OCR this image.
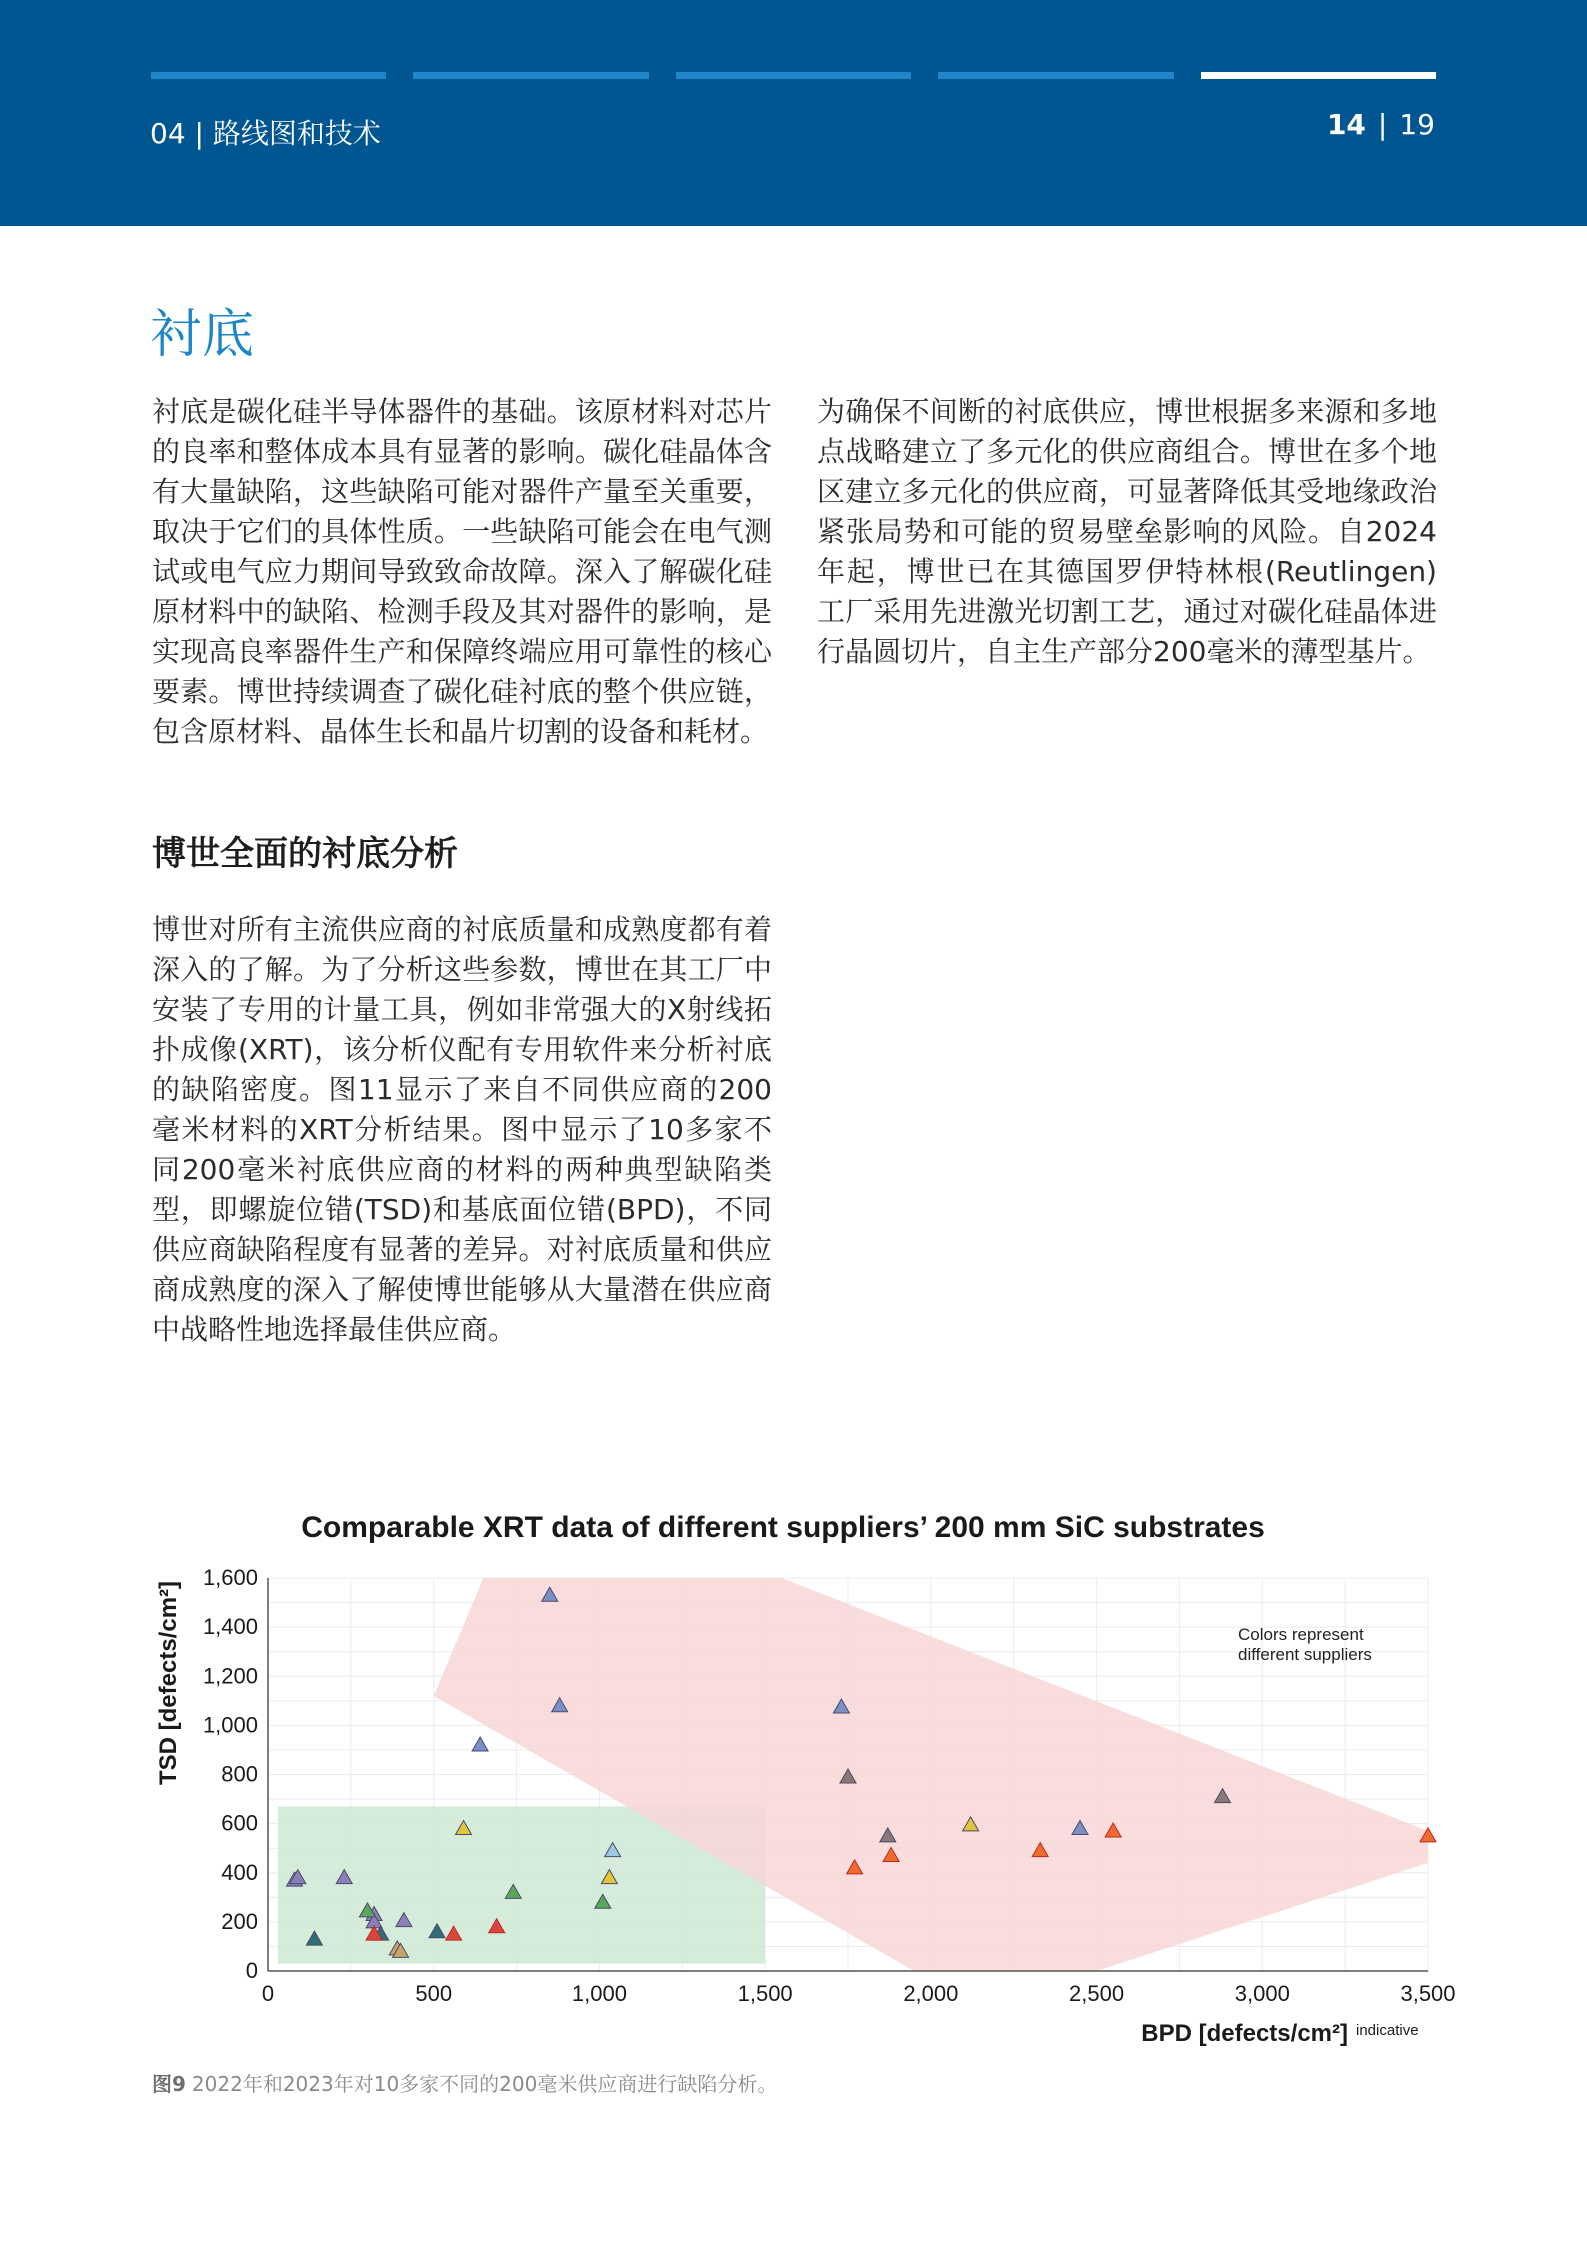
04 | 路线图和技术	14 | 19
衬底

衬底是碳化硅半导体器件的基础。该原材料对芯片的良率和整体成本具有显著的影响。碳化硅晶体含有大量缺陷，这些缺陷可能对器件产量至关重要，取决于它们的具体性质。一些缺陷可能会在电气测试或电气应力期间导致致命故障。深入了解碳化硅原材料中的缺陷、检测手段及其对器件的影响，是实现高良率器件生产和保障终端应用可靠性的核心要素。博世持续调查了碳化硅衬底的整个供应链，包含原材料、晶体生长和晶片切割的设备和耗材。

为确保不间断的衬底供应，博世根据多来源和多地点战略建立了多元化的供应商组合。博世在多个地区建立多元化的供应商，可显著降低其受地缘政治紧张局势和可能的贸易壁垒影响的风险。自2024年起，博世已在其德国罗伊特林根(Reutlingen)工厂采用先进激光切割工艺，通过对碳化硅晶体进行晶圆切片，自主生产部分200毫米的薄型基片。

博世全面的衬底分析

博世对所有主流供应商的衬底质量和成熟度都有着深入的了解。为了分析这些参数，博世在其工厂中安装了专用的计量工具，例如非常强大的X射线拓扑成像(XRT)，该分析仪配有专用软件来分析衬底的缺陷密度。图11显示了来自不同供应商的200毫米材料的XRT分析结果。图中显示了10多家不同200毫米衬底供应商的材料的两种典型缺陷类型，即螺旋位错(TSD)和基底面位错(BPD)，不同供应商缺陷程度有显著的差异。对衬底质量和供应商成熟度的深入了解使博世能够从大量潜在供应商中战略性地选择最佳供应商。

Comparable XRT data of different suppliers’ 200 mm SiC substrates
0	500	1,000	1,500	2,000	2,500	3,000	3,500
0
200
400
600
800
1,000
1,200
1,400
1,600
TSD [defects/cm²]
BPD [defects/cm²] indicative
Colors represent different suppliers
图9 2022年和2023年对10多家不同的200毫米供应商进行缺陷分析。
